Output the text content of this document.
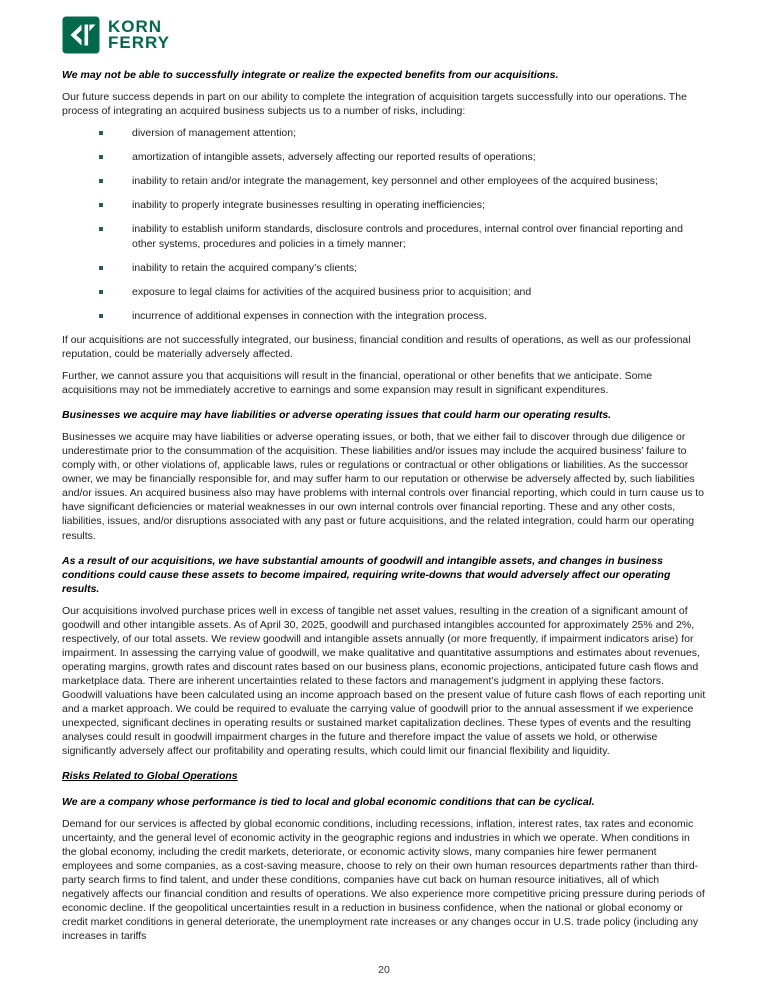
KORN
FERRY
We may not be able to successfully integrate or realize the expected benefits from our acquisitions.

Our future success depends in part on our ability to complete the integration of acquisition targets successfully into our operations. The process of integrating an acquired business subjects us to a number of risks, including:

diversion of management attention;
amortization of intangible assets, adversely affecting our reported results of operations;
inability to retain and/or integrate the management, key personnel and other employees of the acquired business;
inability to properly integrate businesses resulting in operating inefficiencies;
inability to establish uniform standards, disclosure controls and procedures, internal control over financial reporting and other systems, procedures and policies in a timely manner;
inability to retain the acquired company’s clients;
exposure to legal claims for activities of the acquired business prior to acquisition; and
incurrence of additional expenses in connection with the integration process.

If our acquisitions are not successfully integrated, our business, financial condition and results of operations, as well as our professional reputation, could be materially adversely affected.

Further, we cannot assure you that acquisitions will result in the financial, operational or other benefits that we anticipate. Some acquisitions may not be immediately accretive to earnings and some expansion may result in significant expenditures.

Businesses we acquire may have liabilities or adverse operating issues that could harm our operating results.

Businesses we acquire may have liabilities or adverse operating issues, or both, that we either fail to discover through due diligence or underestimate prior to the consummation of the acquisition. These liabilities and/or issues may include the acquired business’ failure to comply with, or other violations of, applicable laws, rules or regulations or contractual or other obligations or liabilities. As the successor owner, we may be financially responsible for, and may suffer harm to our reputation or otherwise be adversely affected by, such liabilities and/or issues. An acquired business also may have problems with internal controls over financial reporting, which could in turn cause us to have significant deficiencies or material weaknesses in our own internal controls over financial reporting. These and any other costs, liabilities, issues, and/or disruptions associated with any past or future acquisitions, and the related integration, could harm our operating results.

As a result of our acquisitions, we have substantial amounts of goodwill and intangible assets, and changes in business conditions could cause these assets to become impaired, requiring write-downs that would adversely affect our operating results.

Our acquisitions involved purchase prices well in excess of tangible net asset values, resulting in the creation of a significant amount of goodwill and other intangible assets. As of April 30, 2025, goodwill and purchased intangibles accounted for approximately 25% and 2%, respectively, of our total assets. We review goodwill and intangible assets annually (or more frequently, if impairment indicators arise) for impairment. In assessing the carrying value of goodwill, we make qualitative and quantitative assumptions and estimates about revenues, operating margins, growth rates and discount rates based on our business plans, economic projections, anticipated future cash flows and marketplace data. There are inherent uncertainties related to these factors and management’s judgment in applying these factors. Goodwill valuations have been calculated using an income approach based on the present value of future cash flows of each reporting unit and a market approach. We could be required to evaluate the carrying value of goodwill prior to the annual assessment if we experience unexpected, significant declines in operating results or sustained market capitalization declines. These types of events and the resulting analyses could result in goodwill impairment charges in the future and therefore impact the value of assets we hold, or otherwise significantly adversely affect our profitability and operating results, which could limit our financial flexibility and liquidity.

Risks Related to Global Operations
We are a company whose performance is tied to local and global economic conditions that can be cyclical.

Demand for our services is affected by global economic conditions, including recessions, inflation, interest rates, tax rates and economic uncertainty, and the general level of economic activity in the geographic regions and industries in which we operate. When conditions in the global economy, including the credit markets, deteriorate, or economic activity slows, many companies hire fewer permanent employees and some companies, as a cost-saving measure, choose to rely on their own human resources departments rather than third-party search firms to find talent, and under these conditions, companies have cut back on human resource initiatives, all of which negatively affects our financial condition and results of operations. We also experience more competitive pricing pressure during periods of economic decline. If the geopolitical uncertainties result in a reduction in business confidence, when the national or global economy or credit market conditions in general deteriorate, the unemployment rate increases or any changes occur in U.S. trade policy (including any increases in tariffs

20
